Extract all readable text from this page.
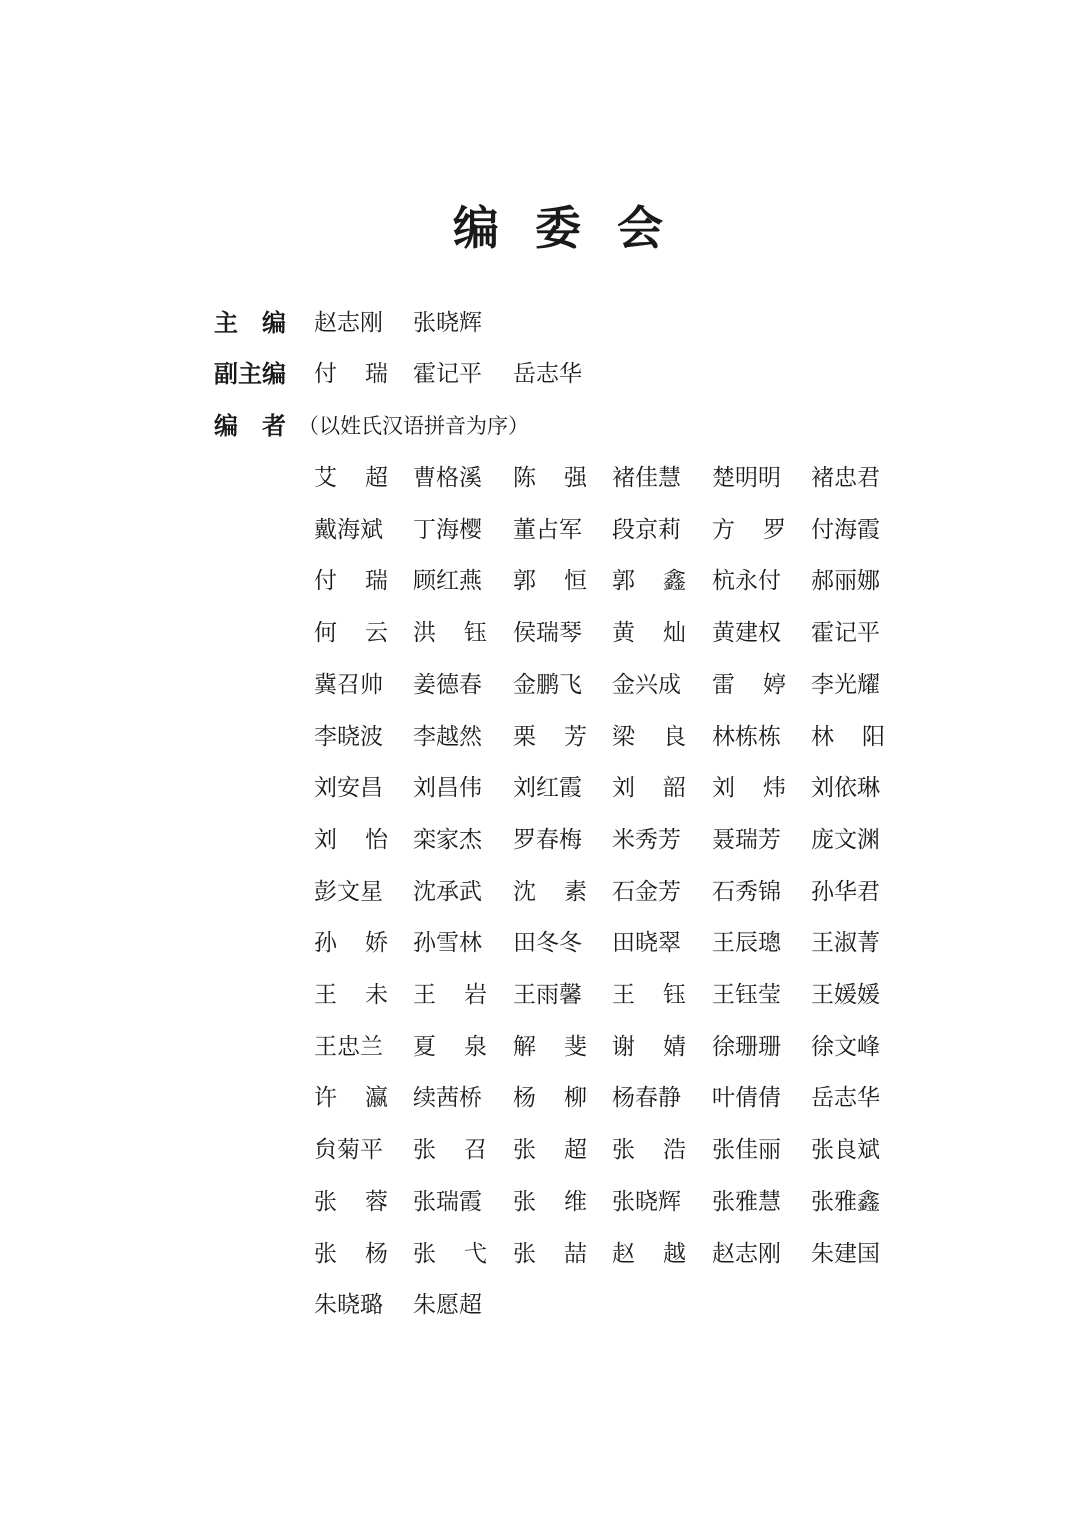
编委会
主 编
副主编
编 者 （以姓氏汉语拼音为序）
艾 超 曹格溪 陈 强 褚佳慧 楚明明 褚忠君
戴海斌 丁海樱 董占军 段京莉 方 罗 付海霞
付 瑞 顾红燕 郭 恒 郭 鑫 杭永付 郝丽娜
何 云 洪 钰 侯瑞琴 黄 灿 黄建权 霍记平
冀召帅 姜德春 金鹏飞 金兴成 雷 婷 李光耀
李晓波 李越然 栗 芳 梁 良 林栋栋 林 阳
刘安昌 刘昌伟 刘红霞 刘 韶 刘 炜 刘依琳
刘 怡 栾家杰 罗春梅 米秀芳 聂瑞芳 庞文渊
彭文星 沈承武 沈 素 石金芳 石秀锦 孙华君
孙 娇 孙雪林 田冬冬 田晓翠 王辰璁 王淑菁
王 未 王 岩 王雨馨 王 钰 王钰莹 王媛媛
王忠兰 夏 泉 解 斐 谢 婧 徐珊珊 徐文峰
许 瀛 续茜桥 杨 柳 杨春静 叶倩倩 岳志华
贠菊平 张 召 张 超 张 浩 张佳丽 张良斌
张 蓉 张瑞霞 张 维 张晓辉 张雅慧 张雅鑫
张 杨 张 弋 张 喆 赵 越 赵志刚 朱建国
朱晓璐 朱愿超
赵志刚 张晓辉
付 瑞 霍记平 岳志华
